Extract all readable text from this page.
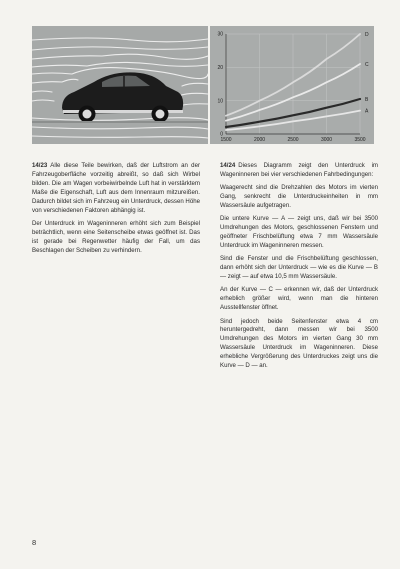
1500	2000	2500	3000	3500
0
10
20
30
A
B
C
D

14/23 Alle diese Teile bewirken, daß der Luftstrom an der Fahrzeugoberfläche vorzeitig abreißt, so daß sich Wirbel bilden. Die am Wagen vorbeiwirbelnde Luft hat in verstärktem Maße die Eigenschaft, Luft aus dem Innenraum mitzureißen. Dadurch bildet sich im Fahrzeug ein Unterdruck, dessen Höhe von verschiedenen Faktoren abhängig ist.

Der Unterdruck im Wageninneren erhöht sich zum Beispiel beträchtlich, wenn eine Seitenscheibe etwas geöffnet ist. Das ist gerade bei Regenwetter häufig der Fall, um das Beschlagen der Scheiben zu verhindern.

14/24 Dieses Diagramm zeigt den Unterdruck im Wageninneren bei vier verschiedenen Fahrbedingungen:

Waagerecht sind die Drehzahlen des Motors im vierten Gang, senkrecht die Unterdruckeinheiten in mm Wassersäule aufgetragen.

Die untere Kurve — A — zeigt uns, daß wir bei 3500 Umdrehungen des Motors, geschlossenen Fenstern und geöffneter Frischbelüftung etwa 7 mm Wassersäule Unterdruck im Wageninneren messen.

Sind die Fenster und die Frischbelüftung geschlossen, dann erhöht sich der Unterdruck — wie es die Kurve — B — zeigt — auf etwa 10,5 mm Wassersäule.

An der Kurve — C — erkennen wir, daß der Unterdruck erheblich größer wird, wenn man die hinteren Ausstellfenster öffnet.

Sind jedoch beide Seitenfenster etwa 4 cm heruntergedreht, dann messen wir bei 3500 Umdrehungen des Motors im vierten Gang 30 mm Wassersäule Unterdruck im Wageninneren. Diese erhebliche Vergrößerung des Unterdruckes zeigt uns die Kurve — D — an.

8
